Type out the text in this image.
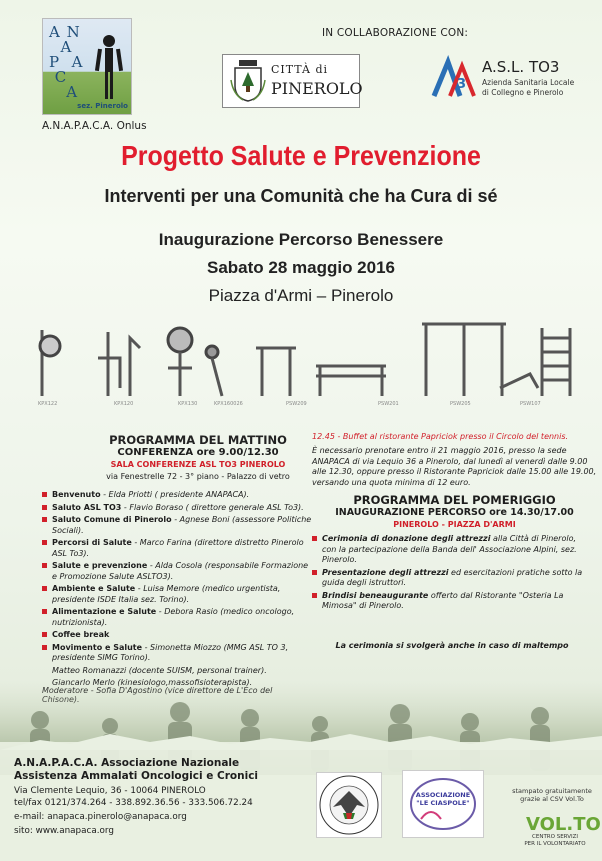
A N
A
P  A
C
A
sez. Pinerolo
A.N.A.P.A.C.A. Onlus
IN COLLABORAZIONE CON:
CITTÀ di
PINEROLO	3
A.S.L. TO3
Azienda Sanitaria Locale
di Collegno e Pinerolo
Progetto Salute e Prevenzione
Interventi per una Comunità che ha Cura di sé
Inaugurazione Percorso Benessere
Sabato 28 maggio 2016
Piazza d'Armi – Pinerolo
KPX122	KPX120	KPX130	KPX160026	PSW209	PSW201	PSW205	PSW107
PROGRAMMA DEL MATTINO
CONFERENZA ore 9.00/12.30
SALA CONFERENZE ASL TO3 PINEROLO
via Fenestrelle 72 - 3° piano - Palazzo di vetro
Benvenuto - Elda Priotti ( presidente ANAPACA).
Saluto ASL TO3 - Flavio Boraso ( direttore generale ASL To3).
Saluto Comune di Pinerolo - Agnese Boni (assessore Politiche Sociali).
Percorsi di Salute - Marco Farina (direttore distretto Pinerolo ASL To3).
Salute e prevenzione - Alda Cosola (responsabile Formazione e Promozione Salute ASLTO3).
Ambiente e Salute - Luisa Memore (medico urgentista, presidente ISDE Italia sez. Torino).
Alimentazione e Salute - Debora Rasio (medico oncologo, nutrizionista).
Coffee break
Movimento e Salute - Simonetta Miozzo (MMG ASL TO 3, presidente SIMG Torino).
Matteo Romanazzi (docente SUISM, personal trainer).
12.45 - Buffet al ristorante Papriciok presso il Circolo del tennis.
È necessario prenotare entro il 21 maggio 2016, presso la sede ANAPACA di via Lequio 36 a Pinerolo, dal lunedì al venerdì dalle 9.00 alle 12.30, oppure presso il Ristorante Papriciok dalle 15.00 alle 19.00, versando una quota minima di 12 euro.
PROGRAMMA DEL POMERIGGIO
INAUGURAZIONE PERCORSO ore 14.30/17.00
PINEROLO - PIAZZA D'ARMI
Cerimonia di donazione degli attrezzi alla Città di Pinerolo, con la partecipazione della Banda dell' Associazione Alpini, sez. Pinerolo.
Presentazione degli attrezzi ed esercitazioni pratiche sotto la guida degli istruttori.
Brindisi beneaugurante offerto dal Ristorante "Osteria La Mimosa" di Pinerolo.
La cerimonia si svolgerà anche in caso di maltempo
A.N.A.P.A.C.A. Associazione Nazionale
Assistenza Ammalati Oncologici e Cronici
Via Clemente Lequio, 36 - 10064 PINEROLO
tel/fax 0121/374.264 - 338.892.36.56 - 333.506.72.24
e-mail: anapaca.pinerolo@anapaca.org
sito: www.anapaca.org
ASSOCIAZIONE
"LE CIASPOLE"
stampato gratuitamente
grazie al CSV Vol.To
VOL.TO
CENTRO SERVIZI
PER IL VOLONTARIATO
